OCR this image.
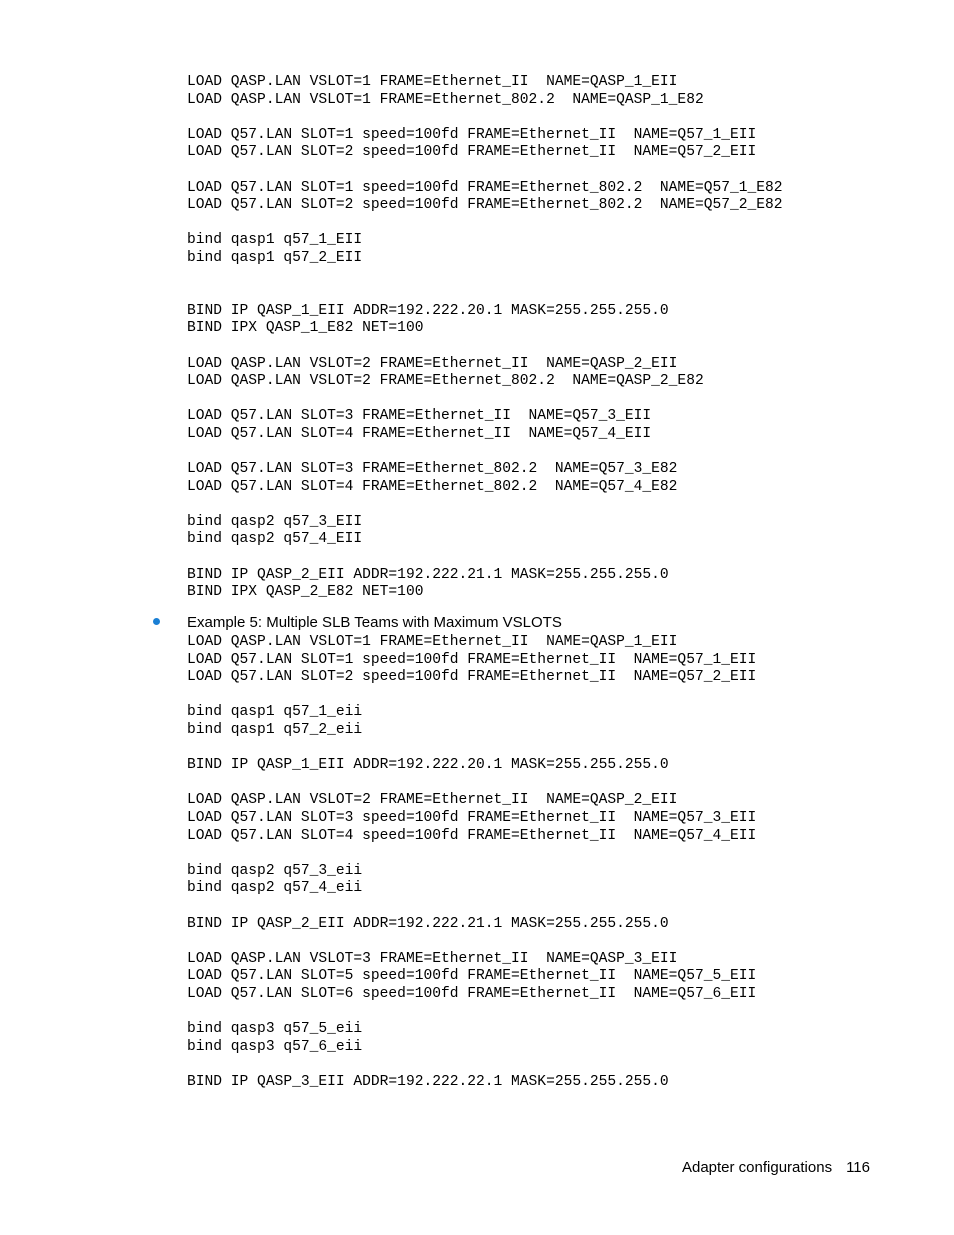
LOAD QASP.LAN VSLOT=1 FRAME=Ethernet_II  NAME=QASP_1_EII
LOAD QASP.LAN VSLOT=1 FRAME=Ethernet_802.2  NAME=QASP_1_E82

LOAD Q57.LAN SLOT=1 speed=100fd FRAME=Ethernet_II  NAME=Q57_1_EII
LOAD Q57.LAN SLOT=2 speed=100fd FRAME=Ethernet_II  NAME=Q57_2_EII

LOAD Q57.LAN SLOT=1 speed=100fd FRAME=Ethernet_802.2  NAME=Q57_1_E82
LOAD Q57.LAN SLOT=2 speed=100fd FRAME=Ethernet_802.2  NAME=Q57_2_E82

bind qasp1 q57_1_EII
bind qasp1 q57_2_EII

BIND IP QASP_1_EII ADDR=192.222.20.1 MASK=255.255.255.0
BIND IPX QASP_1_E82 NET=100

LOAD QASP.LAN VSLOT=2 FRAME=Ethernet_II  NAME=QASP_2_EII
LOAD QASP.LAN VSLOT=2 FRAME=Ethernet_802.2  NAME=QASP_2_E82

LOAD Q57.LAN SLOT=3 FRAME=Ethernet_II  NAME=Q57_3_EII
LOAD Q57.LAN SLOT=4 FRAME=Ethernet_II  NAME=Q57_4_EII

LOAD Q57.LAN SLOT=3 FRAME=Ethernet_802.2  NAME=Q57_3_E82
LOAD Q57.LAN SLOT=4 FRAME=Ethernet_802.2  NAME=Q57_4_E82

bind qasp2 q57_3_EII
bind qasp2 q57_4_EII

BIND IP QASP_2_EII ADDR=192.222.21.1 MASK=255.255.255.0
BIND IPX QASP_2_E82 NET=100
Example 5: Multiple SLB Teams with Maximum VSLOTS
LOAD QASP.LAN VSLOT=1 FRAME=Ethernet_II  NAME=QASP_1_EII
LOAD Q57.LAN SLOT=1 speed=100fd FRAME=Ethernet_II  NAME=Q57_1_EII
LOAD Q57.LAN SLOT=2 speed=100fd FRAME=Ethernet_II  NAME=Q57_2_EII

bind qasp1 q57_1_eii
bind qasp1 q57_2_eii

BIND IP QASP_1_EII ADDR=192.222.20.1 MASK=255.255.255.0

LOAD QASP.LAN VSLOT=2 FRAME=Ethernet_II  NAME=QASP_2_EII
LOAD Q57.LAN SLOT=3 speed=100fd FRAME=Ethernet_II  NAME=Q57_3_EII
LOAD Q57.LAN SLOT=4 speed=100fd FRAME=Ethernet_II  NAME=Q57_4_EII

bind qasp2 q57_3_eii
bind qasp2 q57_4_eii

BIND IP QASP_2_EII ADDR=192.222.21.1 MASK=255.255.255.0

LOAD QASP.LAN VSLOT=3 FRAME=Ethernet_II  NAME=QASP_3_EII
LOAD Q57.LAN SLOT=5 speed=100fd FRAME=Ethernet_II  NAME=Q57_5_EII
LOAD Q57.LAN SLOT=6 speed=100fd FRAME=Ethernet_II  NAME=Q57_6_EII

bind qasp3 q57_5_eii
bind qasp3 q57_6_eii

BIND IP QASP_3_EII ADDR=192.222.22.1 MASK=255.255.255.0
Adapter configurations 116
